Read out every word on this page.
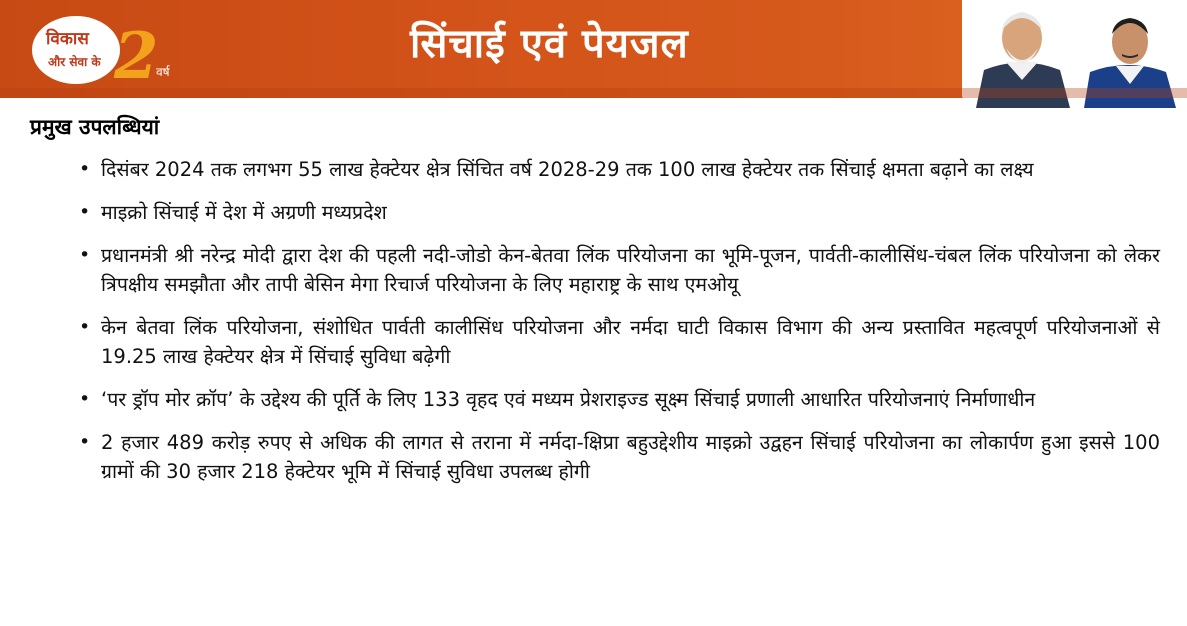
विकास
और सेवा के 2
वर्ष
सिंचाई एवं पेयजल
प्रमुख उपलब्धियां
• दिसंबर 2024 तक लगभग 55 लाख हेक्टेयर क्षेत्र सिंचित वर्ष 2028-29 तक 100 लाख हेक्टेयर तक सिंचाई क्षमता बढ़ाने का लक्ष्य
• माइक्रो सिंचाई में देश में अग्रणी मध्यप्रदेश
• प्रधानमंत्री श्री नरेन्द्र मोदी द्वारा देश की पहली नदी-जोडो केन-बेतवा लिंक परियोजना का भूमि-पूजन, पार्वती-कालीसिंध-चंबल लिंक परियोजना को लेकर त्रिपक्षीय समझौता और तापी बेसिन मेगा रिचार्ज परियोजना के लिए महाराष्ट्र के साथ एमओयू
• केन बेतवा लिंक परियोजना, संशोधित पार्वती कालीसिंध परियोजना और नर्मदा घाटी विकास विभाग की अन्य प्रस्तावित महत्वपूर्ण परियोजनाओं से 19.25 लाख हेक्टेयर क्षेत्र में सिंचाई सुविधा बढ़ेगी
• ‘पर ड्रॉप मोर क्रॉप’ के उद्देश्य की पूर्ति के लिए 133 वृहद एवं मध्यम प्रेशराइज्ड सूक्ष्म सिंचाई प्रणाली आधारित परियोजनाएं निर्माणाधीन
• 2 हजार 489 करोड़ रुपए से अधिक की लागत से तराना में नर्मदा-क्षिप्रा बहुउद्देशीय माइक्रो उद्वहन सिंचाई परियोजना का लोकार्पण हुआ इससे 100 ग्रामों की 30 हजार 218 हेक्टेयर भूमि में सिंचाई सुविधा उपलब्ध होगी
